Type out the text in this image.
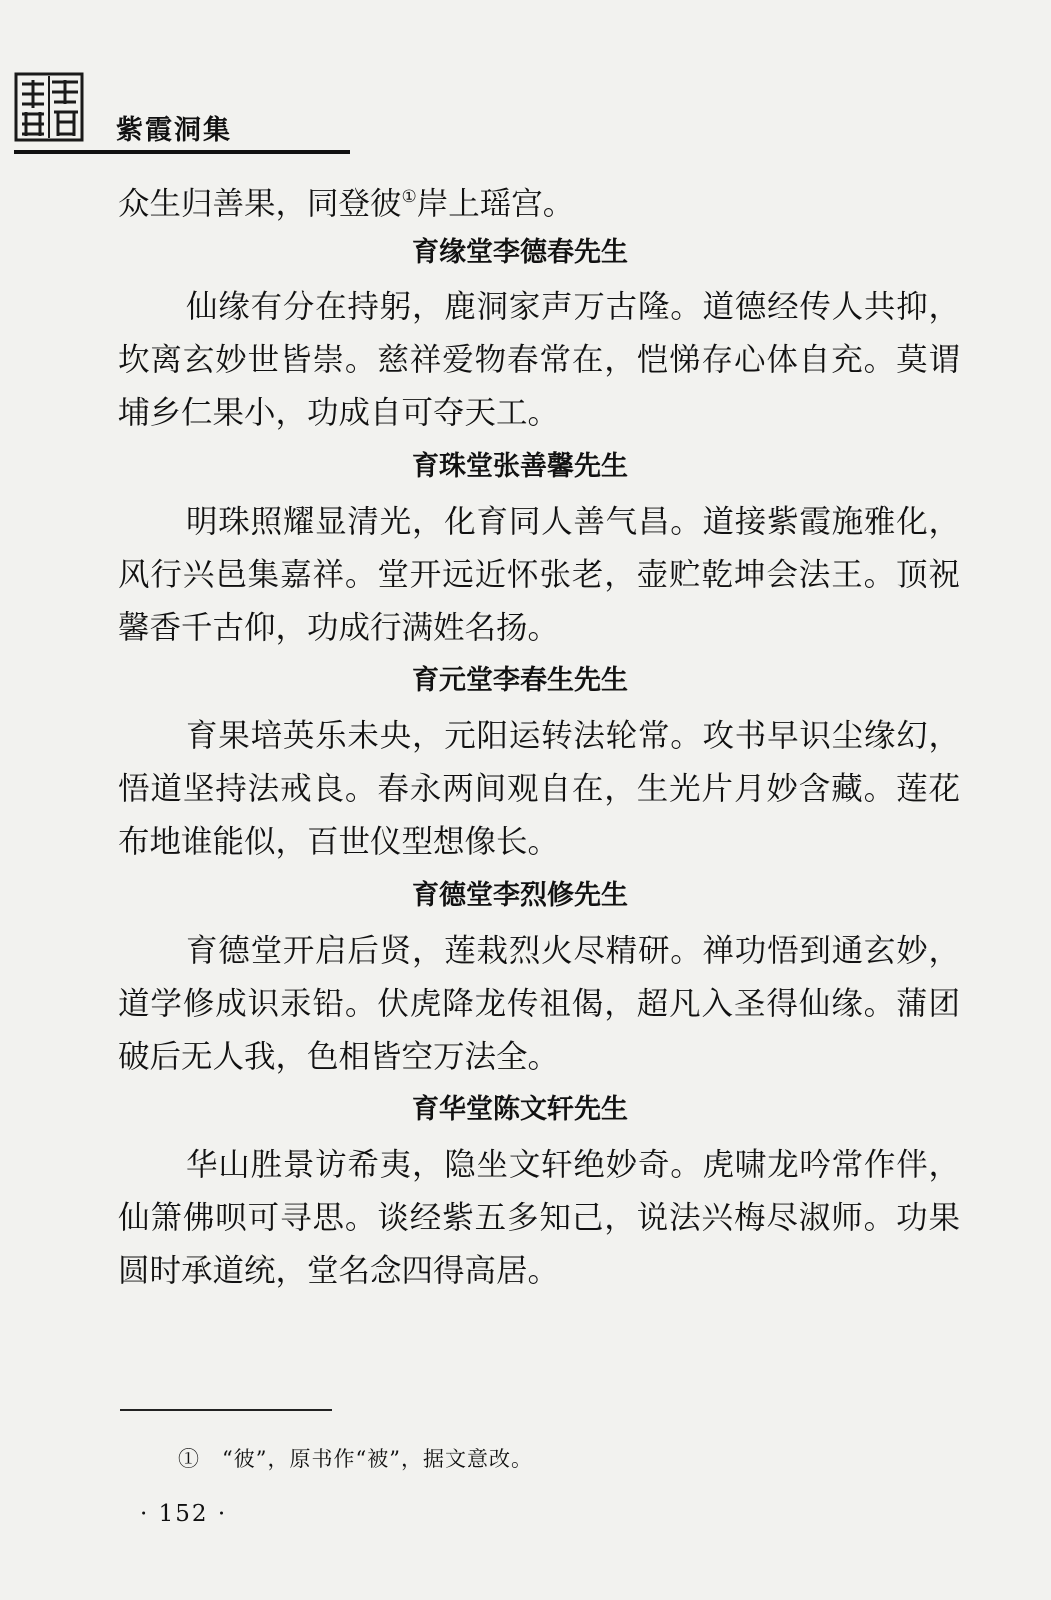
紫霞洞集
众生归善果，同登彼①岸上瑶宫。
育缘堂李德春先生
仙缘有分在持躬，鹿洞家声万古隆。道德经传人共抑，
坎离玄妙世皆崇。慈祥爱物春常在，恺悌存心体自充。莫谓
埔乡仁果小，功成自可夺天工。
育珠堂张善馨先生
明珠照耀显清光，化育同人善气昌。道接紫霞施雅化，
风行兴邑集嘉祥。堂开远近怀张老，壶贮乾坤会法王。顶祝
馨香千古仰，功成行满姓名扬。
育元堂李春生先生
育果培英乐未央，元阳运转法轮常。攻书早识尘缘幻，
悟道坚持法戒良。春永两间观自在，生光片月妙含藏。莲花
布地谁能似，百世仪型想像长。
育德堂李烈修先生
育德堂开启后贤，莲栽烈火尽精研。禅功悟到通玄妙，
道学修成识汞铅。伏虎降龙传祖偈，超凡入圣得仙缘。蒲团
破后无人我，色相皆空万法全。
育华堂陈文轩先生
华山胜景访希夷，隐坐文轩绝妙奇。虎啸龙吟常作伴，
仙箫佛呗可寻思。谈经紫五多知己，说法兴梅尽淑师。功果
圆时承道统，堂名念四得高居。
①　“彼”，原书作“被”，据文意改。
· 152 ·
